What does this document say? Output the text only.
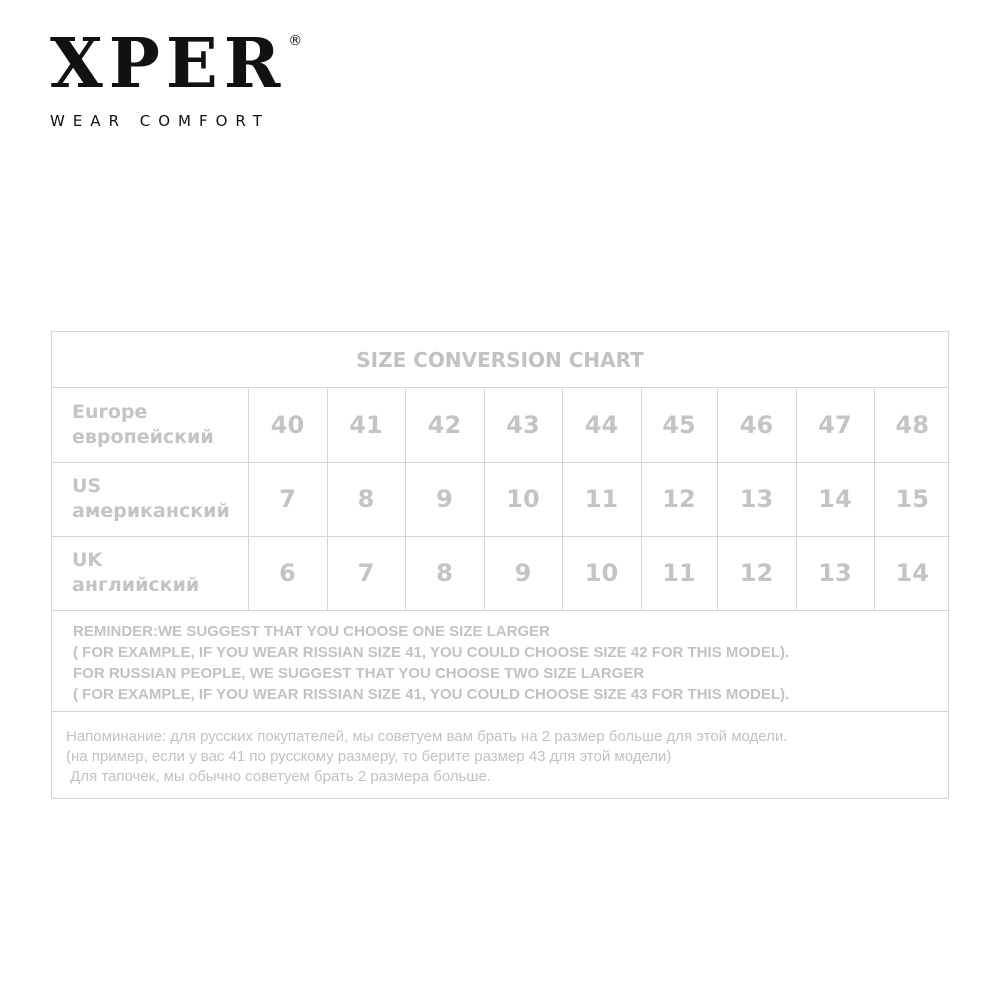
XPER ®
WEAR COMFORT
SIZE CONVERSION CHART
Europe
европейский	40	41	42	43	44	45	46	47	48

US
американский	7	8	9	10	11	12	13	14	15

UK
английский	6	7	8	9	10	11	12	13	14
REMINDER:WE SUGGEST THAT YOU CHOOSE ONE SIZE LARGER
( FOR EXAMPLE, IF YOU WEAR RISSIAN SIZE 41, YOU COULD CHOOSE SIZE 42 FOR THIS MODEL).
FOR RUSSIAN PEOPLE, WE SUGGEST THAT YOU CHOOSE TWO SIZE LARGER
( FOR EXAMPLE, IF YOU WEAR RISSIAN SIZE 41, YOU COULD CHOOSE SIZE 43 FOR THIS MODEL).
Напоминание: для русских покупателей, мы советуем вам брать на 2 размер больше для этой модели.
(на пример, если у вас 41 по русскому размеру, то берите размер 43 для этой модели)
Для тапочек, мы обычно советуем брать 2 размера больше.
